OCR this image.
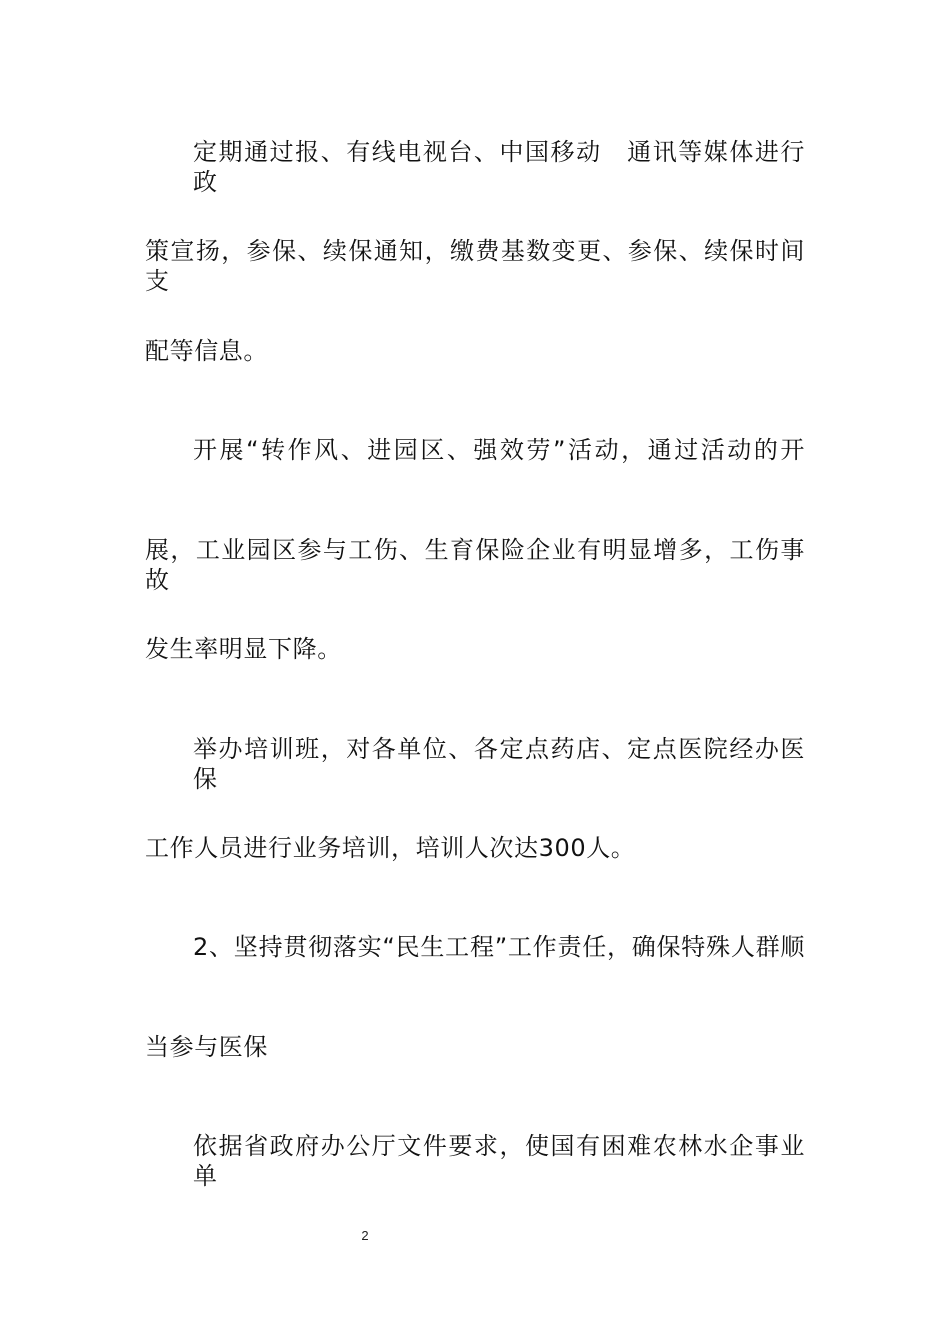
定期通过报、有线电视台、中国移动　通讯等媒体进行政
策宣扬，参保、续保通知，缴费基数变更、参保、续保时间支
配等信息。
开展“转作风、进园区、强效劳”活动，通过活动的开
展，工业园区参与工伤、生育保险企业有明显增多，工伤事故
发生率明显下降。
举办培训班，对各单位、各定点药店、定点医院经办医保
工作人员进行业务培训，培训人次达300人。
2、坚持贯彻落实“民生工程”工作责任，确保特殊人群顺
当参与医保
依据省政府办公厅文件要求，使国有困难农林水企事业单
2
